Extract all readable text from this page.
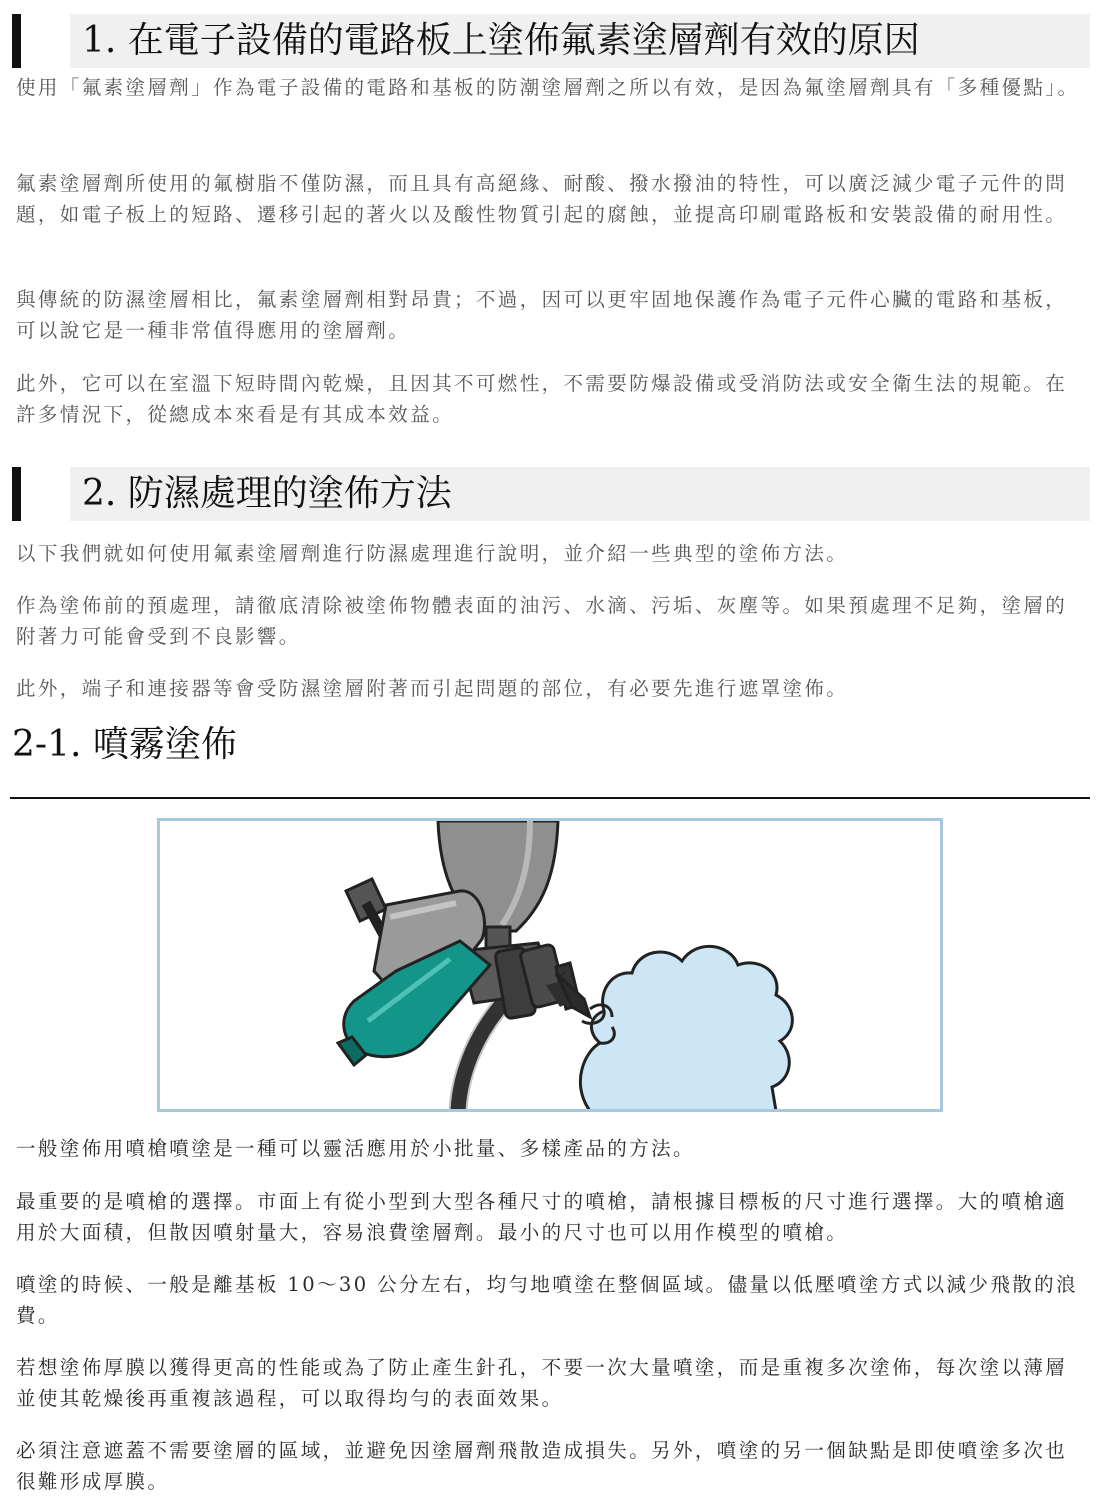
1. 在電子設備的電路板上塗佈氟素塗層劑有效的原因

使用「氟素塗層劑」作為電子設備的電路和基板的防潮塗層劑之所以有效，是因為氟塗層劑具有「多種優點」。

氟素塗層劑所使用的氟樹脂不僅防濕，而且具有高絕緣、耐酸、撥水撥油的特性，可以廣泛減少電子元件的問題，如電子板上的短路、遷移引起的著火以及酸性物質引起的腐蝕，並提高印刷電路板和安裝設備的耐用性。

與傳統的防濕塗層相比，氟素塗層劑相對昂貴；不過，因可以更牢固地保護作為電子元件心臟的電路和基板，可以說它是一種非常值得應用的塗層劑。

此外，它可以在室溫下短時間內乾燥，且因其不可燃性，不需要防爆設備或受消防法或安全衛生法的規範。在許多情況下，從總成本來看是有其成本效益。

2. 防濕處理的塗佈方法

以下我們就如何使用氟素塗層劑進行防濕處理進行說明，並介紹一些典型的塗佈方法。

作為塗佈前的預處理，請徹底清除被塗佈物體表面的油污、水滴、污垢、灰塵等。如果預處理不足夠，塗層的附著力可能會受到不良影響。

此外，端子和連接器等會受防濕塗層附著而引起問題的部位，有必要先進行遮罩塗佈。

2-1. 噴霧塗佈

一般塗佈用噴槍噴塗是一種可以靈活應用於小批量、多樣產品的方法。

最重要的是噴槍的選擇。市面上有從小型到大型各種尺寸的噴槍，請根據目標板的尺寸進行選擇。大的噴槍適用於大面積，但散因噴射量大，容易浪費塗層劑。最小的尺寸也可以用作模型的噴槍。

噴塗的時候、一般是離基板 10～30 公分左右，均勻地噴塗在整個區域。儘量以低壓噴塗方式以減少飛散的浪費。

若想塗佈厚膜以獲得更高的性能或為了防止產生針孔，不要一次大量噴塗，而是重複多次塗佈，每次塗以薄層並使其乾燥後再重複該過程，可以取得均勻的表面效果。

必須注意遮蓋不需要塗層的區域，並避免因塗層劑飛散造成損失。另外，噴塗的另一個缺點是即使噴塗多次也很難形成厚膜。
